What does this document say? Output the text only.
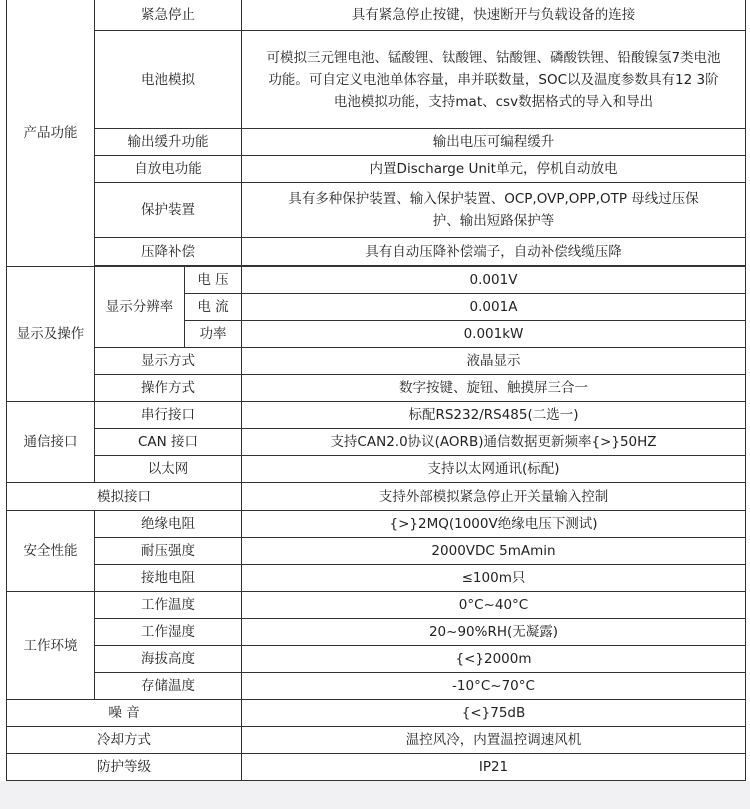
产品功能	紧急停止		具有紧急停止按键，快速断开与负载设备的连接
	电池模拟		可模拟三元锂电池、锰酸锂、钛酸锂、钴酸锂、磷酸铁锂、铅酸镍氢7类电池功能。可自定义电池单体容量，串并联数量，SOC以及温度参数具有12 3阶电池模拟功能，支持mat、csv数据格式的导入和导出
	输出缓升功能		输出电压可编程缓升
	自放电功能		内置Discharge Unit单元，停机自动放电
	保护装置		具有多种保护装置、输入保护装置、OCP,OVP,OPP,OTP 母线过压保护、输出短路保护等
	压降补偿		具有自动压降补偿端子，自动补偿线缆压降

显示及操作	显示分辨率	电 压	0.001V
		电 流	0.001A
		功率	0.001kW
	显示方式		液晶显示
	操作方式		数字按键、旋钮、触摸屏三合一
通信接口	串行接口		标配RS232/RS485(二选一)
	CAN 接口		支持CAN2.0协议(AORB)通信数据更新频率{>}50HZ
	以太网		支持以太网通讯(标配)
模拟接口			支持外部模拟紧急停止开关量输入控制
安全性能	绝缘电阻		{>}2MQ(1000V绝缘电压下测试)
	耐压强度		2000VDC 5mAmin
	接地电阻		≤100m只
工作环境	工作温度		0°C~40°C
	工作湿度		20~90%RH(无凝露)
	海拔高度		{<}2000m
	存储温度		-10°C~70°C
噪 音			{<}75dB
冷却方式			温控风冷，内置温控调速风机
防护等级			IP21
